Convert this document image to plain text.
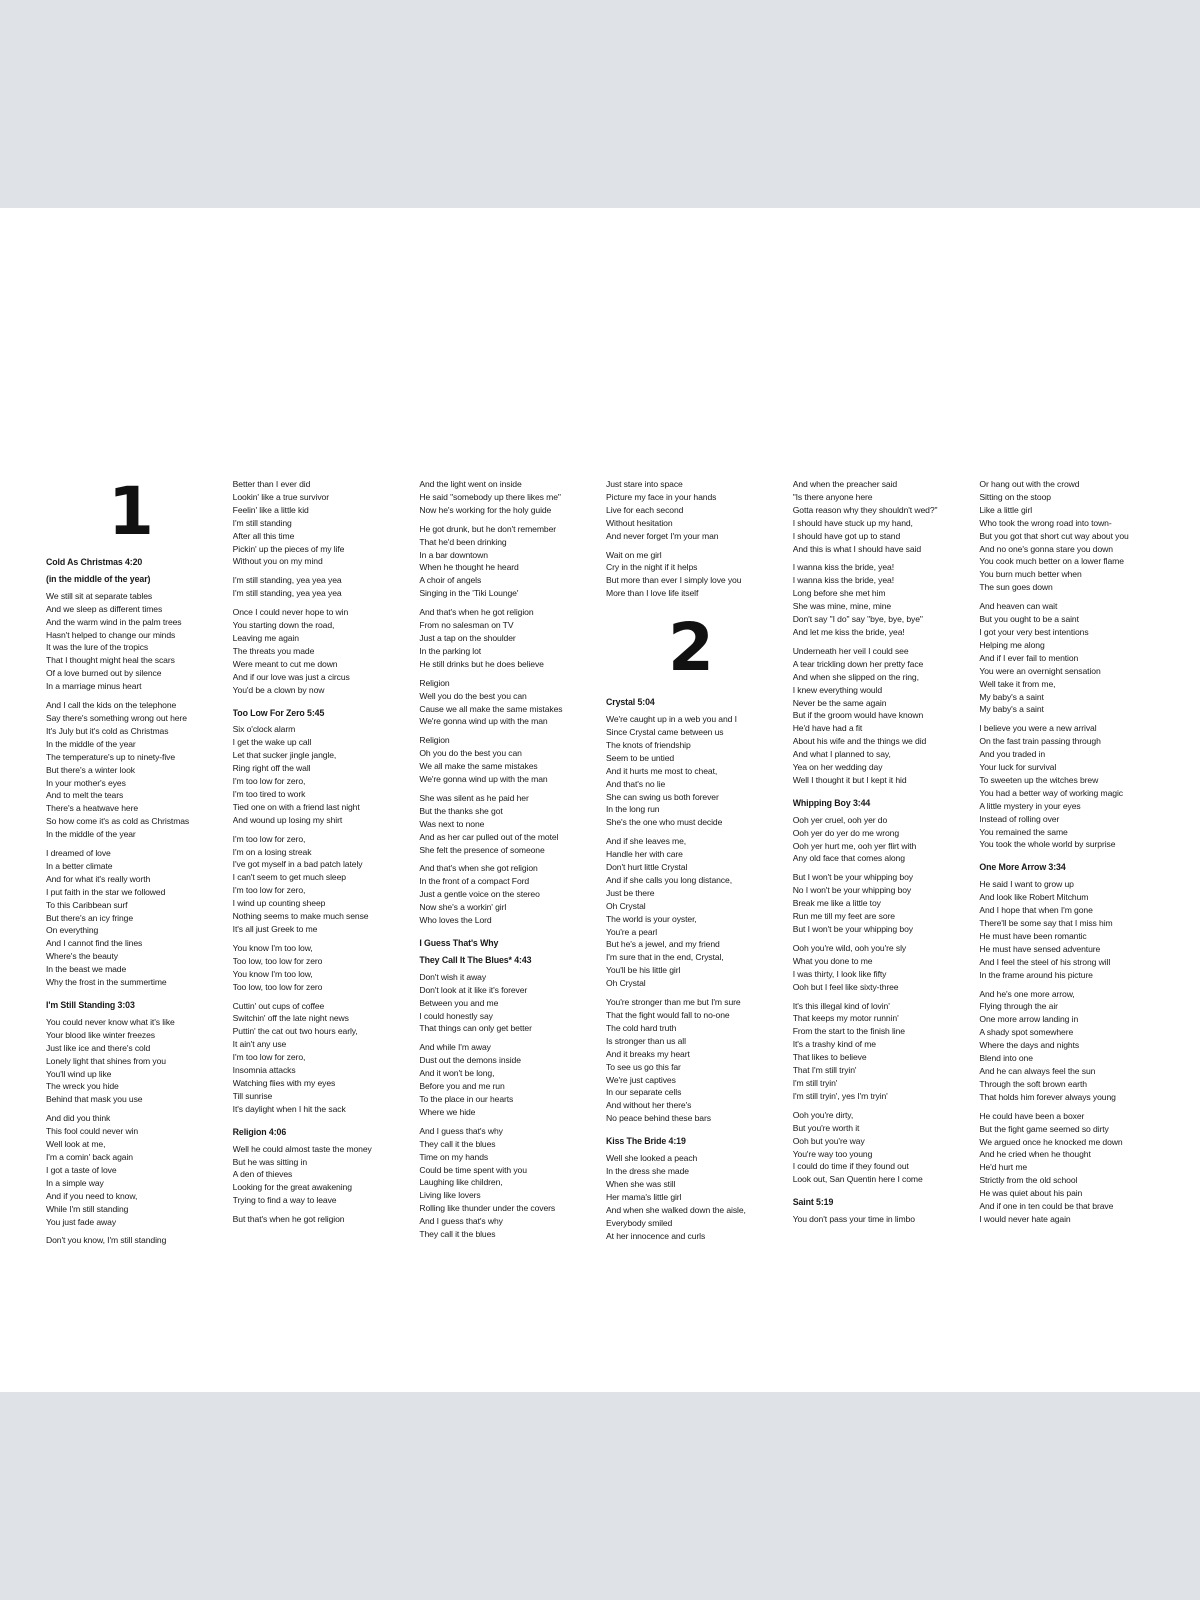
1
Cold As Christmas 4:20
(in the middle of the year)
We still sit at separate tables
And we sleep as different times
And the warm wind in the palm trees
Hasn't helped to change our minds
It was the lure of the tropics
That I thought might heal the scars
Of a love burned out by silence
In a marriage minus heart
And I call the kids on the telephone
Say there's something wrong out here
It's July but it's cold as Christmas
In the middle of the year
The temperature's up to ninety-five
But there's a winter look
In your mother's eyes
And to melt the tears
There's a heatwave here
So how come it's as cold as Christmas
In the middle of the year
I dreamed of love
In a better climate
And for what it's really worth
I put faith in the star we followed
To this Caribbean surf
But there's an icy fringe
On everything
And I cannot find the lines
Where's the beauty
In the beast we made
Why the frost in the summertime
I'm Still Standing 3:03
You could never know what it's like
Your blood like winter freezes
Just like ice and there's cold
Lonely light that shines from you
You'll wind up like
The wreck you hide
Behind that mask you use
And did you think
This fool could never win
Well look at me,
I'm a comin' back again
I got a taste of love
In a simple way
And if you need to know,
While I'm still standing
You just fade away
Don't you know, I'm still standing
Better than I ever did
Lookin' like a true survivor
Feelin' like a little kid
I'm still standing
After all this time
Pickin' up the pieces of my life
Without you on my mind
I'm still standing, yea yea yea
I'm still standing, yea yea yea
Once I could never hope to win
You starting down the road,
Leaving me again
The threats you made
Were meant to cut me down
And if our love was just a circus
You'd be a clown by now
Too Low For Zero 5:45
Six o'clock alarm
I get the wake up call
Let that sucker jingle jangle,
Ring right off the wall
I'm too low for zero,
I'm too tired to work
Tied one on with a friend last night
And wound up losing my shirt
I'm too low for zero,
I'm on a losing streak
I've got myself in a bad patch lately
I can't seem to get much sleep
I'm too low for zero,
I wind up counting sheep
Nothing seems to make much sense
It's all just Greek to me
You know I'm too low,
Too low, too low for zero
You know I'm too low,
Too low, too low for zero
Cuttin' out cups of coffee
Switchin' off the late night news
Puttin' the cat out two hours early,
It ain't any use
I'm too low for zero,
Insomnia attacks
Watching flies with my eyes
Till sunrise
It's daylight when I hit the sack
Religion 4:06
Well he could almost taste the money
But he was sitting in
A den of thieves
Looking for the great awakening
Trying to find a way to leave
But that's when he got religion
And the light went on inside
He said "somebody up there likes me"
Now he's working for the holy guide
He got drunk, but he don't remember
That he'd been drinking
In a bar downtown
When he thought he heard
A choir of angels
Singing in the 'Tiki Lounge'
And that's when he got religion
From no salesman on TV
Just a tap on the shoulder
In the parking lot
He still drinks but he does believe
Religion
Well you do the best you can
Cause we all make the same mistakes
We're gonna wind up with the man
Religion
Oh you do the best you can
We all make the same mistakes
We're gonna wind up with the man
She was silent as he paid her
But the thanks she got
Was next to none
And as her car pulled out of the motel
She felt the presence of someone
And that's when she got religion
In the front of a compact Ford
Just a gentle voice on the stereo
Now she's a workin' girl
Who loves the Lord
I Guess That's Why
They Call It The Blues* 4:43
Don't wish it away
Don't look at it like it's forever
Between you and me
I could honestly say
That things can only get better
And while I'm away
Dust out the demons inside
And it won't be long,
Before you and me run
To the place in our hearts
Where we hide
And I guess that's why
They call it the blues
Time on my hands
Could be time spent with you
Laughing like children,
Living like lovers
Rolling like thunder under the covers
And I guess that's why
They call it the blues
Just stare into space
Picture my face in your hands
Live for each second
Without hesitation
And never forget I'm your man
Wait on me girl
Cry in the night if it helps
But more than ever I simply love you
More than I love life itself
2
Crystal 5:04
We're caught up in a web you and I
Since Crystal came between us
The knots of friendship
Seem to be untied
And it hurts me most to cheat,
And that's no lie
She can swing us both forever
In the long run
She's the one who must decide
And if she leaves me,
Handle her with care
Don't hurt little Crystal
And if she calls you long distance,
Just be there
Oh Crystal
The world is your oyster,
You're a pearl
But he's a jewel, and my friend
I'm sure that in the end, Crystal,
You'll be his little girl
Oh Crystal
You're stronger than me but I'm sure
That the fight would fall to no-one
The cold hard truth
Is stronger than us all
And it breaks my heart
To see us go this far
We're just captives
In our separate cells
And without her there's
No peace behind these bars
Kiss The Bride 4:19
Well she looked a peach
In the dress she made
When she was still
Her mama's little girl
And when she walked down the aisle,
Everybody smiled
At her innocence and curls
And when the preacher said
"Is there anyone here
Gotta reason why they shouldn't wed?"
I should have stuck up my hand,
I should have got up to stand
And this is what I should have said
I wanna kiss the bride, yea!
I wanna kiss the bride, yea!
Long before she met him
She was mine, mine, mine
Don't say "I do" say "bye, bye, bye"
And let me kiss the bride, yea!
Underneath her veil I could see
A tear trickling down her pretty face
And when she slipped on the ring,
I knew everything would
Never be the same again
But if the groom would have known
He'd have had a fit
About his wife and the things we did
And what I planned to say,
Yea on her wedding day
Well I thought it but I kept it hid
Whipping Boy 3:44
Ooh yer cruel, ooh yer do
Ooh yer do yer do me wrong
Ooh yer hurt me, ooh yer flirt with
Any old face that comes along
But I won't be your whipping boy
No I won't be your whipping boy
Break me like a little toy
Run me till my feet are sore
But I won't be your whipping boy
Ooh you're wild, ooh you're sly
What you done to me
I was thirty, I look like fifty
Ooh but I feel like sixty-three
It's this illegal kind of lovin'
That keeps my motor runnin'
From the start to the finish line
It's a trashy kind of me
That likes to believe
That I'm still tryin'
I'm still tryin'
I'm still tryin', yes I'm tryin'
Ooh you're dirty,
But you're worth it
Ooh but you're way
You're way too young
I could do time if they found out
Look out, San Quentin here I come
Saint 5:19
You don't pass your time in limbo
Or hang out with the crowd
Sitting on the stoop
Like a little girl
Who took the wrong road into town-
But you got that short cut way about you
And no one's gonna stare you down
You cook much better on a lower flame
You burn much better when
The sun goes down
And heaven can wait
But you ought to be a saint
I got your very best intentions
Helping me along
And if I ever fail to mention
You were an overnight sensation
Well take it from me,
My baby's a saint
My baby's a saint
I believe you were a new arrival
On the fast train passing through
And you traded in
Your luck for survival
To sweeten up the witches brew
You had a better way of working magic
A little mystery in your eyes
Instead of rolling over
You remained the same
You took the whole world by surprise
One More Arrow 3:34
He said I want to grow up
And look like Robert Mitchum
And I hope that when I'm gone
There'll be some say that I miss him
He must have been romantic
He must have sensed adventure
And I feel the steel of his strong will
In the frame around his picture
And he's one more arrow,
Flying through the air
One more arrow landing in
A shady spot somewhere
Where the days and nights
Blend into one
And he can always feel the sun
Through the soft brown earth
That holds him forever always young
He could have been a boxer
But the fight game seemed so dirty
We argued once he knocked me down
And he cried when he thought
He'd hurt me
Strictly from the old school
He was quiet about his pain
And if one in ten could be that brave
I would never hate again
